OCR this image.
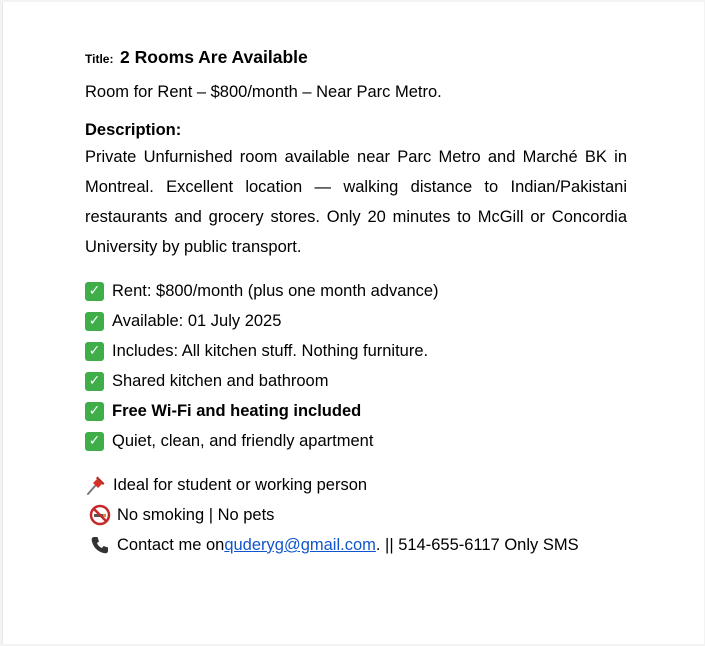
Title: 2 Rooms Are Available
Room for Rent – $800/month – Near Parc Metro.
Description:

Private Unfurnished room available near Parc Metro and Marché BK in Montreal. Excellent location — walking distance to Indian/Pakistani restaurants and grocery stores. Only 20 minutes to McGill or Concordia University by public transport.

✓ Rent: $800/month (plus one month advance)
✓ Available: 01 July 2025
✓ Includes: All kitchen stuff. Nothing furniture.
✓ Shared kitchen and bathroom
✓ Free Wi-Fi and heating included
✓ Quiet, clean, and friendly apartment
Ideal for student or working person
No smoking | No pets
Contact me on quderyg@gmail.com . || 514-655-6117 Only SMS
